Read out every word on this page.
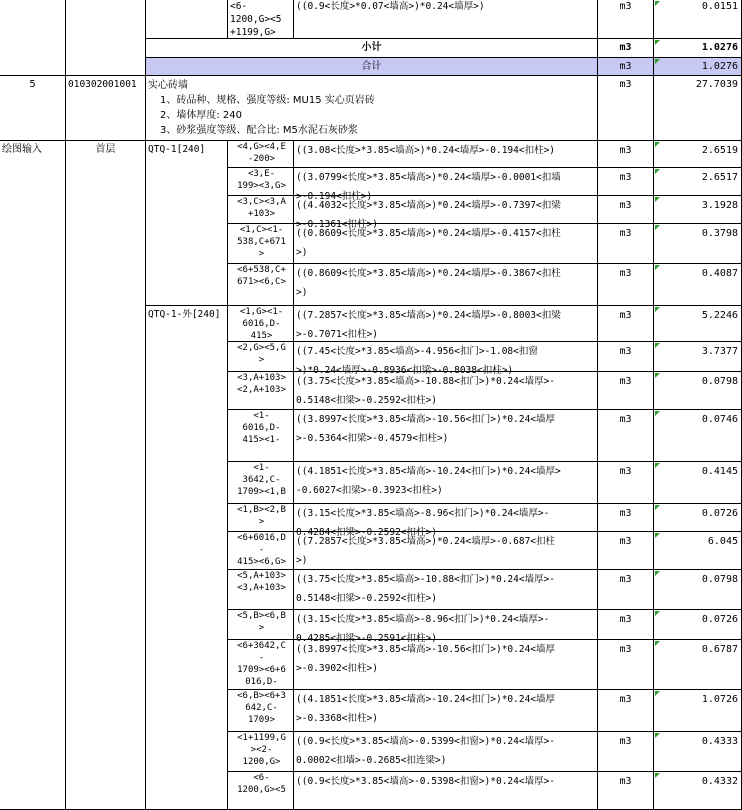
<6-
1200,G><5
+1199,G>
((0.9<长度>*0.07<墙高>)*0.24<墙厚>)	m3	0.0151
小计	m3	1.0276
合计	m3	1.0276
5	010302001001	实心砖墙
1、砖品种、规格、强度等级: MU15 实心页岩砖
2、墙体厚度: 240
3、砂浆强度等级、配合比: M5水泥石灰砂浆
m3	27.7039
绘图输入	首层	QTQ-1[240]	<4,G><4,E
-200>
((3.08<长度>*3.85<墙高>)*0.24<墙厚>-0.194<扣柱>)	m3	2.6519
<3,E-
199><3,G>
((3.0799<长度>*3.85<墙高>)*0.24<墙厚>-0.0001<扣墙
>-0.194<扣柱>)
m3	2.6517
<3,C><3,A
+103>
((4.4032<长度>*3.85<墙高>)*0.24<墙厚>-0.7397<扣梁
>-0.1361<扣柱>)
m3	3.1928
<1,C><1-
538,C+671
>
((0.8609<长度>*3.85<墙高>)*0.24<墙厚>-0.4157<扣柱
>)
m3	0.3798
<6+538,C+
671><6,C>
((0.8609<长度>*3.85<墙高>)*0.24<墙厚>-0.3867<扣柱
>)
m3	0.4087
QTQ-1-外[240]	<1,G><1-
6016,D-
415>
((7.2857<长度>*3.85<墙高>)*0.24<墙厚>-0.8003<扣梁
>-0.7071<扣柱>)
m3	5.2246
<2,G><5,G
>
((7.45<长度>*3.85<墙高>-4.956<扣门>-1.08<扣窗
>)*0.24<墙厚>-0.8936<扣梁>-0.8038<扣柱>)
m3	3.7377
<3,A+103>
<2,A+103>
((3.75<长度>*3.85<墙高>-10.88<扣门>)*0.24<墙厚>-
0.5148<扣梁>-0.2592<扣柱>)
m3	0.0798
<1-
6016,D-
415><1-
((3.8997<长度>*3.85<墙高>-10.56<扣门>)*0.24<墙厚
>-0.5364<扣梁>-0.4579<扣柱>)
m3	0.0746
<1-
3642,C-
1709><1,B
((4.1851<长度>*3.85<墙高>-10.24<扣门>)*0.24<墙厚>
-0.6027<扣梁>-0.3923<扣柱>)
m3	0.4145
<1,B><2,B
>
((3.15<长度>*3.85<墙高>-8.96<扣门>)*0.24<墙厚>-
0.4284<扣梁>-0.2592<扣柱>)
m3	0.0726
<6+6016,D
-
415><6,G>
((7.2857<长度>*3.85<墙高>)*0.24<墙厚>-0.687<扣柱
>)
m3	6.045
<5,A+103>
<3,A+103>
((3.75<长度>*3.85<墙高>-10.88<扣门>)*0.24<墙厚>-
0.5148<扣梁>-0.2592<扣柱>)
m3	0.0798
<5,B><6,B
>
((3.15<长度>*3.85<墙高>-8.96<扣门>)*0.24<墙厚>-
0.4285<扣梁>-0.2591<扣柱>)
m3	0.0726
<6+3642,C
-
1709><6+6
016,D-
((3.8997<长度>*3.85<墙高>-10.56<扣门>)*0.24<墙厚
>-0.3902<扣柱>)
m3	0.6787
<6,B><6+3
642,C-
1709>
((4.1851<长度>*3.85<墙高>-10.24<扣门>)*0.24<墙厚
>-0.3368<扣柱>)
m3	1.0726
<1+1199,G
><2-
1200,G>
((0.9<长度>*3.85<墙高>-0.5399<扣窗>)*0.24<墙厚>-
0.0002<扣墙>-0.2685<扣连梁>)
m3	0.4333
<6-
1200,G><5
((0.9<长度>*3.85<墙高>-0.5398<扣窗>)*0.24<墙厚>-	m3	0.4332
